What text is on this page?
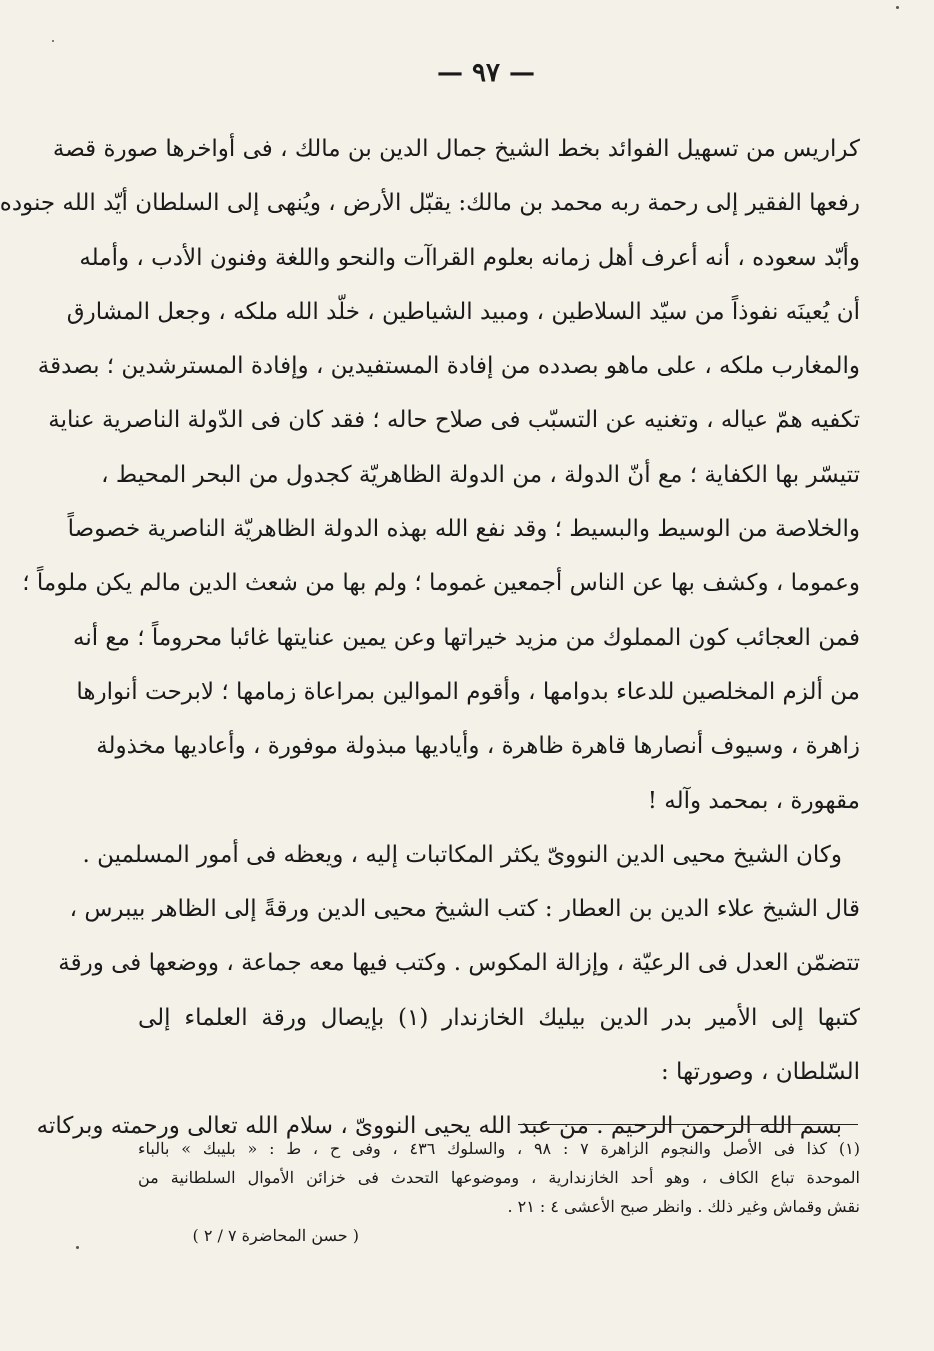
— ٩٧ —
كراريس من تسهيل الفوائد بخط الشيخ جمال الدين بن مالك ، فى أواخرها صورة قصة
رفعها الفقير إلى رحمة ربه محمد بن مالك: يقبّل الأرض ، ويُنهى إلى السلطان أيّد الله جنوده
وأبّد سعوده ، أنه أعرف أهل زمانه بعلوم القراآت والنحو واللغة وفنون الأدب ، وأمله
أن يُعينَه نفوذاً من سيّد السلاطين ، ومبيد الشياطين ، خلّد الله ملكه ، وجعل المشارق
والمغارب ملكه ، على ماهو بصدده من إفادة المستفيدين ، وإفادة المسترشدين ؛ بصدقة
تكفيه همّ عياله ، وتغنيه عن التسبّب فى صلاح حاله ؛ فقد كان فى الدّولة الناصرية عناية
تتيسّر بها الكفاية ؛ مع أنّ الدولة ، من الدولة الظاهريّة كجدول من البحر المحيط ،
والخلاصة من الوسيط والبسيط ؛ وقد نفع الله بهذه الدولة الظاهريّة الناصرية خصوصاً
وعموما ، وكشف بها عن الناس أجمعين غموما ؛ ولم بها من شعث الدين مالم يكن ملوماً ؛
فمن العجائب كون المملوك من مزيد خيراتها وعن يمين عنايتها غائبا محروماً ؛ مع أنه
من ألزم المخلصين للدعاء بدوامها ، وأقوم الموالين بمراعاة زمامها ؛ لابرحت أنوارها
زاهرة ، وسيوف أنصارها قاهرة ظاهرة ، وأياديها مبذولة موفورة ، وأعاديها مخذولة
مقهورة ، بمحمد وآله !
وكان الشيخ محيى الدين النووىّ يكثر المكاتبات إليه ، ويعظه فى أمور المسلمين .
قال الشيخ علاء الدين بن العطار : كتب الشيخ محيى الدين ورقةً إلى الظاهر بيبرس ،
تتضمّن العدل فى الرعيّة ، وإزالة المكوس . وكتب فيها معه جماعة ، ووضعها فى ورقة
كتبها إلى الأمير بدر الدين بيليك الخازندار (١) بإيصال ورقة العلماء إلى
السّلطان ، وصورتها :
بسم الله الرحمن الرحيم . من عبد الله يحيى النووىّ ، سلام الله تعالى ورحمته وبركاته
(١) كذا فى الأصل والنجوم الزاهرة ٧ : ٩٨ ، والسلوك ٤٣٦ ، وفى ح ، ط : « بليبك » بالباء
الموحدة تباع الكاف ، وهو أحد الخازندارية ، وموضوعها التحدث فى خزائن الأموال السلطانية من
نقش وقماش وغير ذلك . وانظر صبح الأعشى ٤ : ٢١ .
( حسن المحاضرة ٧ / ٢ )
